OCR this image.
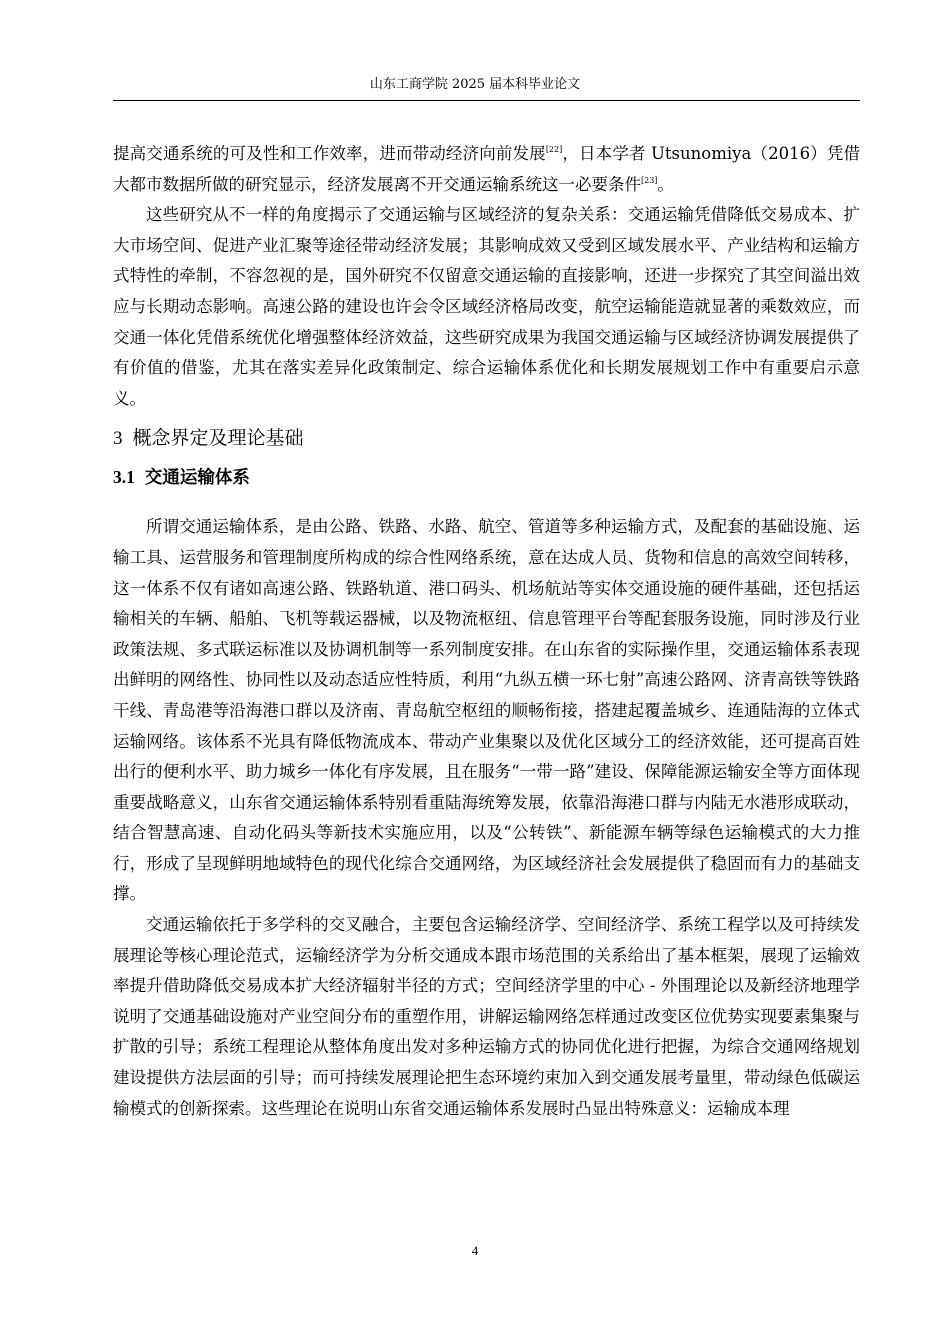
山东工商学院 2025 届本科毕业论文

提高交通系统的可及性和工作效率，进而带动经济向前发展[22]，日本学者 Utsunomiya（2016）凭借大都市数据所做的研究显示，经济发展离不开交通运输系统这一必要条件[23]。

这些研究从不一样的角度揭示了交通运输与区域经济的复杂关系：交通运输凭借降低交易成本、扩大市场空间、促进产业汇聚等途径带动经济发展；其影响成效又受到区域发展水平、产业结构和运输方式特性的牵制，不容忽视的是，国外研究不仅留意交通运输的直接影响，还进一步探究了其空间溢出效应与长期动态影响。高速公路的建设也许会令区域经济格局改变，航空运输能造就显著的乘数效应，而交通一体化凭借系统优化增强整体经济效益，这些研究成果为我国交通运输与区域经济协调发展提供了有价值的借鉴，尤其在落实差异化政策制定、综合运输体系优化和长期发展规划工作中有重要启示意义。

3 概念界定及理论基础
3.1 交通运输体系

所谓交通运输体系，是由公路、铁路、水路、航空、管道等多种运输方式，及配套的基础设施、运输工具、运营服务和管理制度所构成的综合性网络系统，意在达成人员、货物和信息的高效空间转移，这一体系不仅有诸如高速公路、铁路轨道、港口码头、机场航站等实体交通设施的硬件基础，还包括运输相关的车辆、船舶、飞机等载运器械，以及物流枢纽、信息管理平台等配套服务设施，同时涉及行业政策法规、多式联运标准以及协调机制等一系列制度安排。在山东省的实际操作里，交通运输体系表现出鲜明的网络性、协同性以及动态适应性特质，利用“九纵五横一环七射”高速公路网、济青高铁等铁路干线、青岛港等沿海港口群以及济南、青岛航空枢纽的顺畅衔接，搭建起覆盖城乡、连通陆海的立体式运输网络。该体系不光具有降低物流成本、带动产业集聚以及优化区域分工的经济效能，还可提高百姓出行的便利水平、助力城乡一体化有序发展，且在服务“一带一路”建设、保障能源运输安全等方面体现重要战略意义，山东省交通运输体系特别看重陆海统筹发展，依靠沿海港口群与内陆无水港形成联动，结合智慧高速、自动化码头等新技术实施应用，以及“公转铁”、新能源车辆等绿色运输模式的大力推行，形成了呈现鲜明地域特色的现代化综合交通网络，为区域经济社会发展提供了稳固而有力的基础支撑。

交通运输依托于多学科的交叉融合，主要包含运输经济学、空间经济学、系统工程学以及可持续发展理论等核心理论范式，运输经济学为分析交通成本跟市场范围的关系给出了基本框架，展现了运输效率提升借助降低交易成本扩大经济辐射半径的方式；空间经济学里的中心 - 外围理论以及新经济地理学说明了交通基础设施对产业空间分布的重塑作用，讲解运输网络怎样通过改变区位优势实现要素集聚与扩散的引导；系统工程理论从整体角度出发对多种运输方式的协同优化进行把握，为综合交通网络规划建设提供方法层面的引导；而可持续发展理论把生态环境约束加入到交通发展考量里，带动绿色低碳运输模式的创新探索。这些理论在说明山东省交通运输体系发展时凸显出特殊意义：运输成本理

4
